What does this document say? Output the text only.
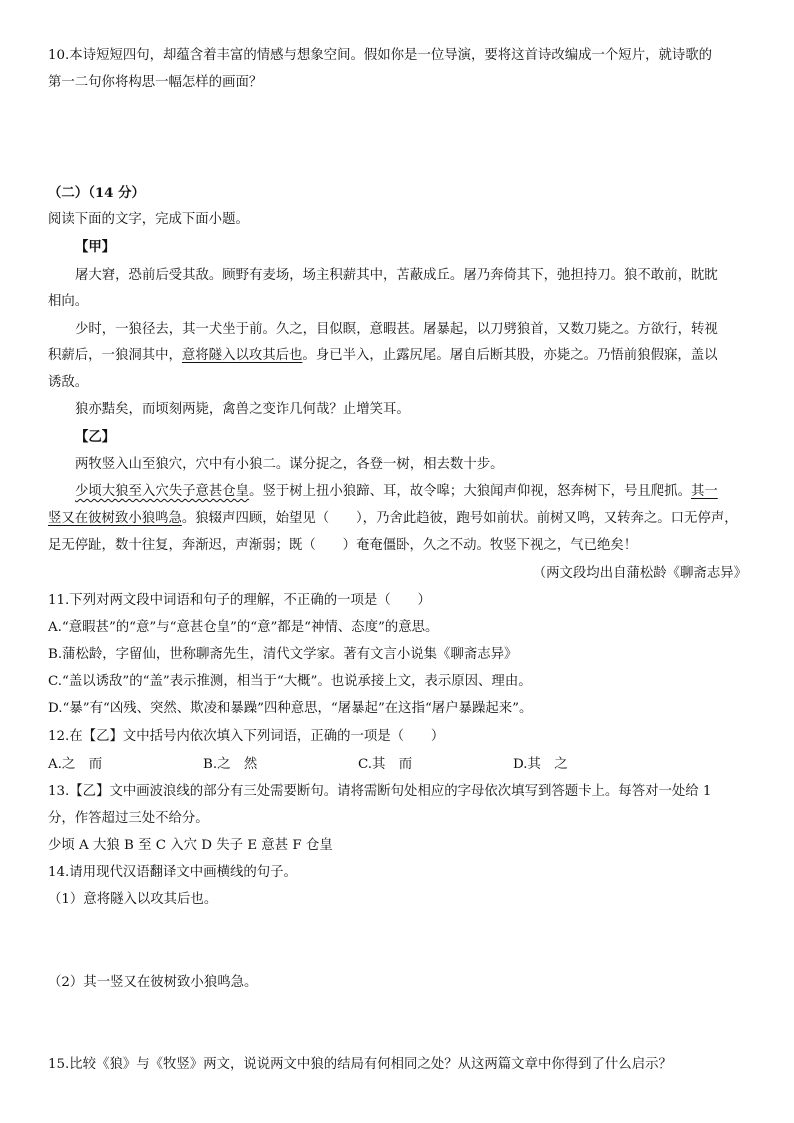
10.本诗短短四句，却蕴含着丰富的情感与想象空间。假如你是一位导演，要将这首诗改编成一个短片，就诗歌的
第一二句你将构思一幅怎样的画面？
（二）（14 分）
阅读下面的文字，完成下面小题。
【甲】
屠大窘，恐前后受其敌。顾野有麦场，场主积薪其中，苫蔽成丘。屠乃奔倚其下，弛担持刀。狼不敢前，眈眈
相向。
少时，一狼径去，其一犬坐于前。久之，目似瞑，意暇甚。屠暴起，以刀劈狼首，又数刀毙之。方欲行，转视
积薪后，一狼洞其中，意将隧入以攻其后也。身已半入，止露尻尾。屠自后断其股，亦毙之。乃悟前狼假寐，盖以
诱敌。
狼亦黠矣，而顷刻两毙，禽兽之变诈几何哉？止增笑耳。
【乙】
两牧竖入山至狼穴，穴中有小狼二。谋分捉之，各登一树，相去数十步。
少顷大狼至入穴失子意甚仓皇。竖于树上扭小狼蹄、耳，故令嗥；大狼闻声仰视，怒奔树下，号且爬抓。其一
竖又在彼树致小狼鸣急。狼辍声四顾，始望见（　　），乃舍此趋彼，跑号如前状。前树又鸣，又转奔之。口无停声，
足无停趾，数十往复，奔渐迟，声渐弱；既（　　）奄奄僵卧，久之不动。牧竖下视之，气已绝矣！
（两文段均出自蒲松龄《聊斋志异》
11.下列对两文段中词语和句子的理解，不正确的一项是（　　）
A.“意暇甚”的“意”与“意甚仓皇”的“意”都是“神情、态度”的意思。
B.蒲松龄，字留仙，世称聊斋先生，清代文学家。著有文言小说集《聊斋志异》
C.“盖以诱敌”的“盖”表示推测，相当于“大概”。也说承接上文，表示原因、理由。
D.“暴”有“凶残、突然、欺凌和暴躁”四种意思，“屠暴起”在这指“屠户暴躁起来”。
12.在【乙】文中括号内依次填入下列词语，正确的一项是（　　）
A.之　而	B.之　然	C.其　而	D.其　之
13.【乙】文中画波浪线的部分有三处需要断句。请将需断句处相应的字母依次填写到答题卡上。每答对一处给 1
分，作答超过三处不给分。
少顷 A 大狼 B 至 C 入穴 D 失子 E 意甚 F 仓皇
14.请用现代汉语翻译文中画横线的句子。
（1）意将隧入以攻其后也。
（2）其一竖又在彼树致小狼鸣急。
15.比较《狼》与《牧竖》两文，说说两文中狼的结局有何相同之处？从这两篇文章中你得到了什么启示？
